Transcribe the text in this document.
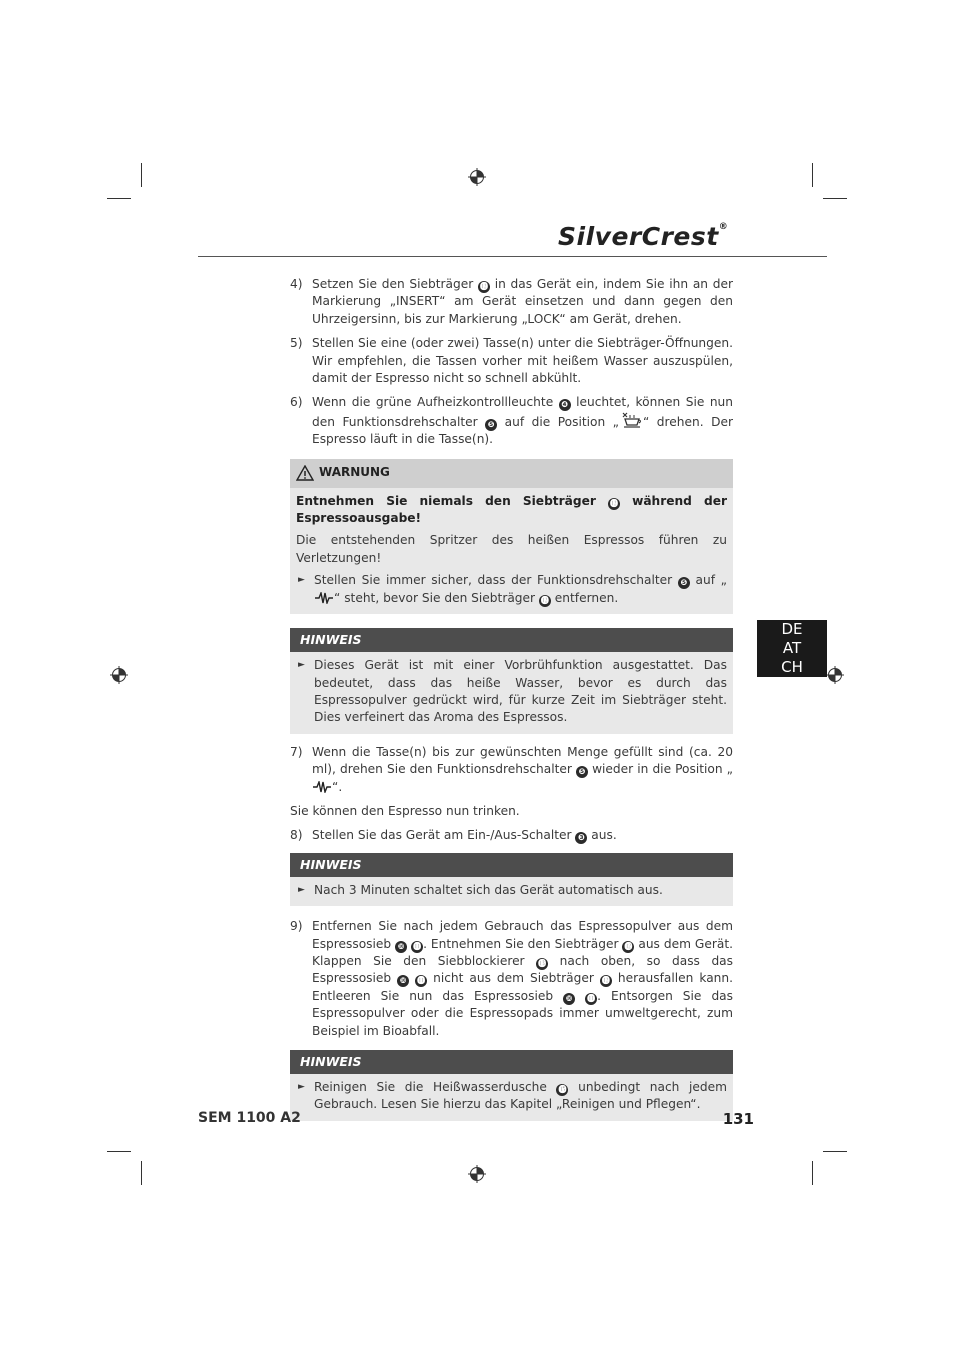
SilverCrest®
DE
AT
CH
4) Setzen Sie den Siebträger ⓬ in das Gerät ein, indem Sie ihn an der Markierung „INSERT“ am Gerät einsetzen und dann gegen den Uhrzeigersinn, bis zur Markierung „LOCK“ am Gerät, drehen.
5) Stellen Sie eine (oder zwei) Tasse(n) unter die Siebträger-Öffnungen. Wir empfehlen, die Tassen vorher mit heißem Wasser auszuspülen, damit der Espresso nicht so schnell abkühlt.
6) Wenn die grüne Aufheizkontrollleuchte ❹ leuchtet, können Sie nun den Funktionsdrehschalter ❺ auf die Position „ “ drehen. Der Espresso läuft in die Tasse(n).
WARNUNG
Entnehmen Sie niemals den Siebträger ⓬ während der Espressoausgabe!
Die entstehenden Spritzer des heißen Espressos führen zu Verletzungen!
► Stellen Sie immer sicher, dass der Funktionsdrehschalter ❺ auf „“ steht, bevor Sie den Siebträger ⓬ entfernen.
HINWEIS
► Dieses Gerät ist mit einer Vorbrühfunktion ausgestattet. Das bedeutet, dass das heiße Wasser, bevor es durch das Espressopulver gedrückt wird, für kurze Zeit im Siebträger steht. Dies verfeinert das Aroma des Espressos.
7) Wenn die Tasse(n) bis zur gewünschten Menge gefüllt sind (ca. 20 ml), drehen Sie den Funktionsdrehschalter ❺ wieder in die Position „“.
Sie können den Espresso nun trinken.
8) Stellen Sie das Gerät am Ein-/Aus-Schalter ❸ aus.
HINWEIS
► Nach 3 Minuten schaltet sich das Gerät automatisch aus.
9) Entfernen Sie nach jedem Gebrauch das Espressopulver aus dem Espressosieb ❿ ⓫ . Entnehmen Sie den Siebträger ⓬ aus dem Gerät. Klappen Sie den Siebblockierer ⓭ nach oben, so dass das Espressosieb ❿ ⓫ nicht aus dem Siebträger ⓬ herausfallen kann. Entleeren Sie nun das Espressosieb ❿ ⓫ . Entsorgen Sie das Espressopulver oder die Espressopads immer umweltgerecht, zum Beispiel im Bioabfall.
HINWEIS
► Reinigen Sie die Heißwasserdusche ⓯ unbedingt nach jedem Gebrauch. Lesen Sie hierzu das Kapitel „Reinigen und Pflegen“.
SEM 1100 A2	131
